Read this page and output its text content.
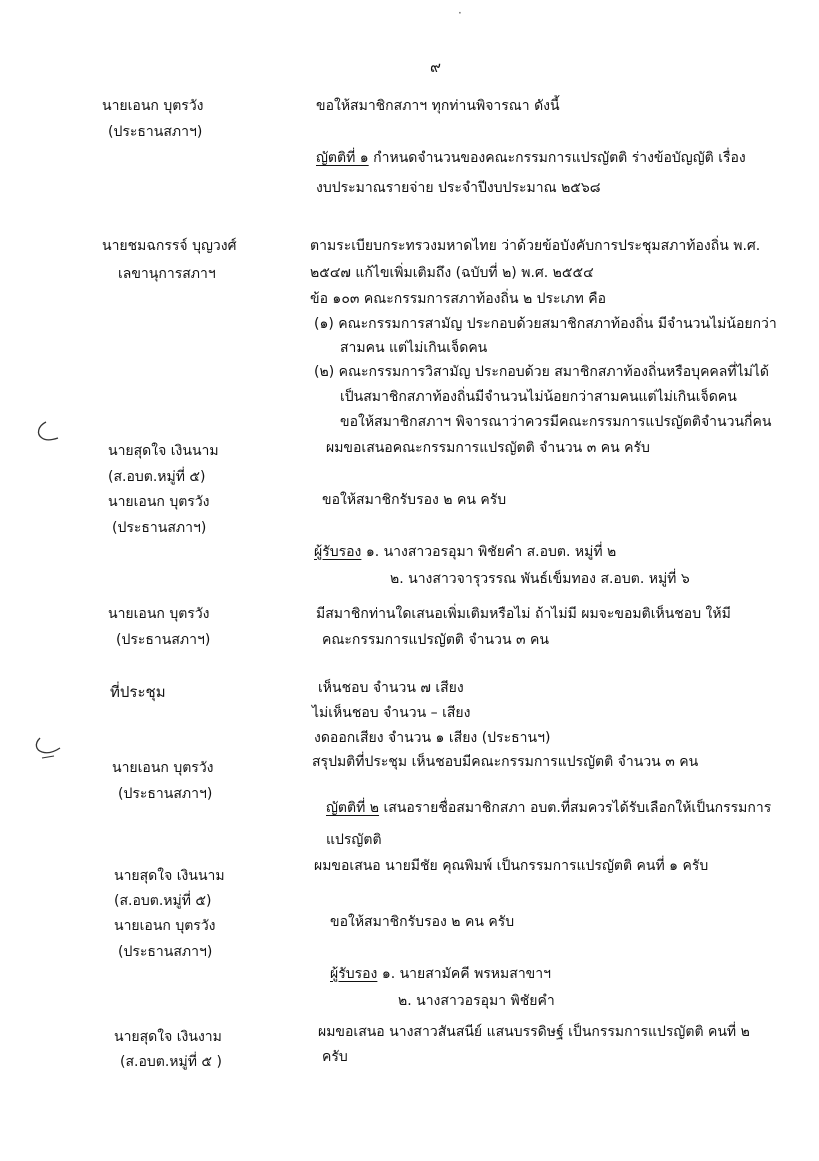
·
๙
นายเอนก บุตรวัง
(ประธานสภาฯ)
นายชมฉกรรจ์ บุญวงศ์
เลขานุการสภาฯ
นายสุดใจ เงินนาม
(ส.อบต.หมู่ที่ ๕)
นายเอนก บุตรวัง
(ประธานสภาฯ)
นายเอนก บุตรวัง
(ประธานสภาฯ)
ที่ประชุม
นายเอนก บุตรวัง
(ประธานสภาฯ)
นายสุดใจ เงินนาม
(ส.อบต.หมู่ที่ ๕)
นายเอนก บุตรวัง
(ประธานสภาฯ)
นายสุดใจ เงินงาม
(ส.อบต.หมู่ที่ ๕ )
ขอให้สมาชิกสภาฯ ทุกท่านพิจารณา ดังนี้
ญัตติที่ ๑ กำหนดจำนวนของคณะกรรมการแปรญัตติ ร่างข้อบัญญัติ เรื่อง
งบประมาณรายจ่าย ประจำปีงบประมาณ ๒๕๖๘
ตามระเบียบกระทรวงมหาดไทย ว่าด้วยข้อบังคับการประชุมสภาท้องถิ่น พ.ศ.
๒๕๔๗ แก้ไขเพิ่มเติมถึง (ฉบับที่ ๒) พ.ศ. ๒๕๕๔
ข้อ ๑๐๓ คณะกรรมการสภาท้องถิ่น ๒ ประเภท คือ
(๑) คณะกรรมการสามัญ ประกอบด้วยสมาชิกสภาท้องถิ่น มีจำนวนไม่น้อยกว่า
สามคน แต่ไม่เกินเจ็ดคน
(๒) คณะกรรมการวิสามัญ ประกอบด้วย สมาชิกสภาท้องถิ่นหรือบุคคลที่ไม่ได้
เป็นสมาชิกสภาท้องถิ่นมีจำนวนไม่น้อยกว่าสามคนแต่ไม่เกินเจ็ดคน
ขอให้สมาชิกสภาฯ พิจารณาว่าควรมีคณะกรรมการแปรญัตติจำนวนกี่คน
ผมขอเสนอคณะกรรมการแปรญัตติ จำนวน ๓ คน ครับ
ขอให้สมาชิกรับรอง ๒ คน ครับ
ผู้รับรอง ๑. นางสาวอรอุมา พิชัยคำ ส.อบต. หมู่ที่ ๒
๒. นางสาวจารุวรรณ พันธ์เข็มทอง ส.อบต. หมู่ที่ ๖
มีสมาชิกท่านใดเสนอเพิ่มเติมหรือไม่ ถ้าไม่มี ผมจะขอมติเห็นชอบ ให้มี
คณะกรรมการแปรญัตติ จำนวน ๓ คน
เห็นชอบ จำนวน ๗ เสียง
ไม่เห็นชอบ จำนวน – เสียง
งดออกเสียง จำนวน ๑ เสียง (ประธานฯ)
สรุปมติที่ประชุม เห็นชอบมีคณะกรรมการแปรญัตติ จำนวน ๓ คน
ญัตติที่ ๒ เสนอรายชื่อสมาชิกสภา อบต.ที่สมควรได้รับเลือกให้เป็นกรรมการ
แปรญัตติ
ผมขอเสนอ นายมีชัย คุณพิมพ์ เป็นกรรมการแปรญัตติ คนที่ ๑ ครับ
ขอให้สมาชิกรับรอง ๒ คน ครับ
ผู้รับรอง ๑. นายสามัคคี พรหมสาขาฯ
๒. นางสาวอรอุมา พิชัยคำ
ผมขอเสนอ นางสาวสันสนีย์ แสนบรรดิษฐ์ เป็นกรรมการแปรญัตติ คนที่ ๒
ครับ
